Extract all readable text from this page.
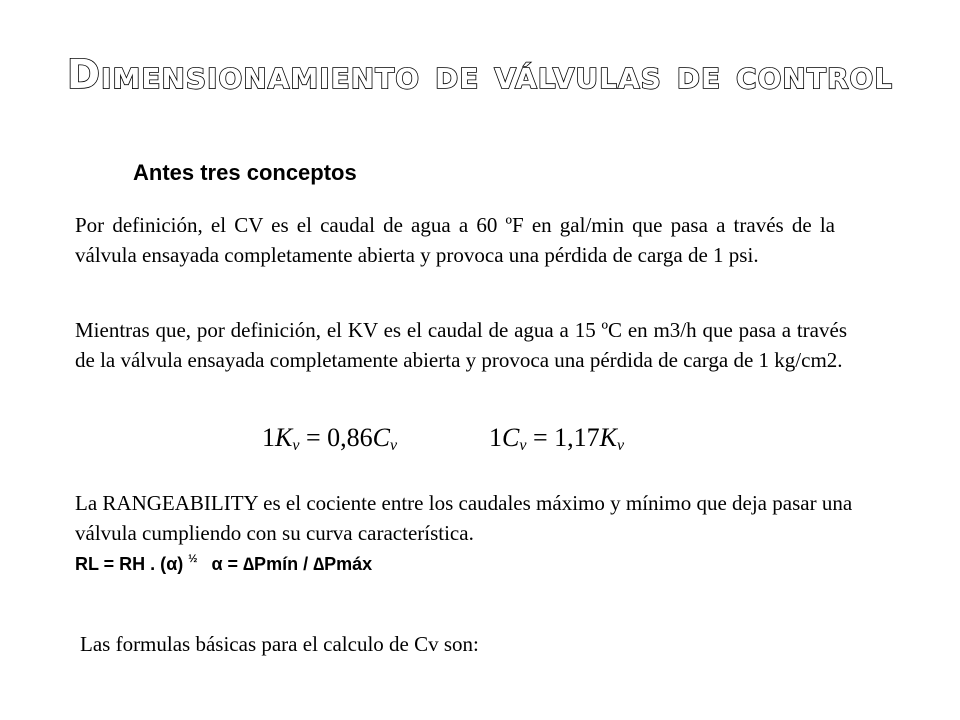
Dimensionamiento de válvulas de control
Antes tres conceptos
Por definición, el CV es el caudal de agua a 60 ºF en gal/min que pasa a través de la válvula ensayada completamente abierta y provoca una pérdida de carga de 1 psi.
Mientras que, por definición, el KV es el caudal de agua a 15 ºC en m3/h que pasa a través de la válvula ensayada completamente abierta y provoca una pérdida de carga de 1 kg/cm2.
$1K_v = 0,86C_v$	$1C_v = 1,17K_v$
La RANGEABILITY es el cociente entre los caudales máximo y mínimo que deja pasar una válvula cumpliendo con su curva característica.
RL = RH . (α) $^{\frac{1}{2}}$ α = ∆Pmín / ∆Pmáx
Las formulas básicas para el calculo de Cv son:
